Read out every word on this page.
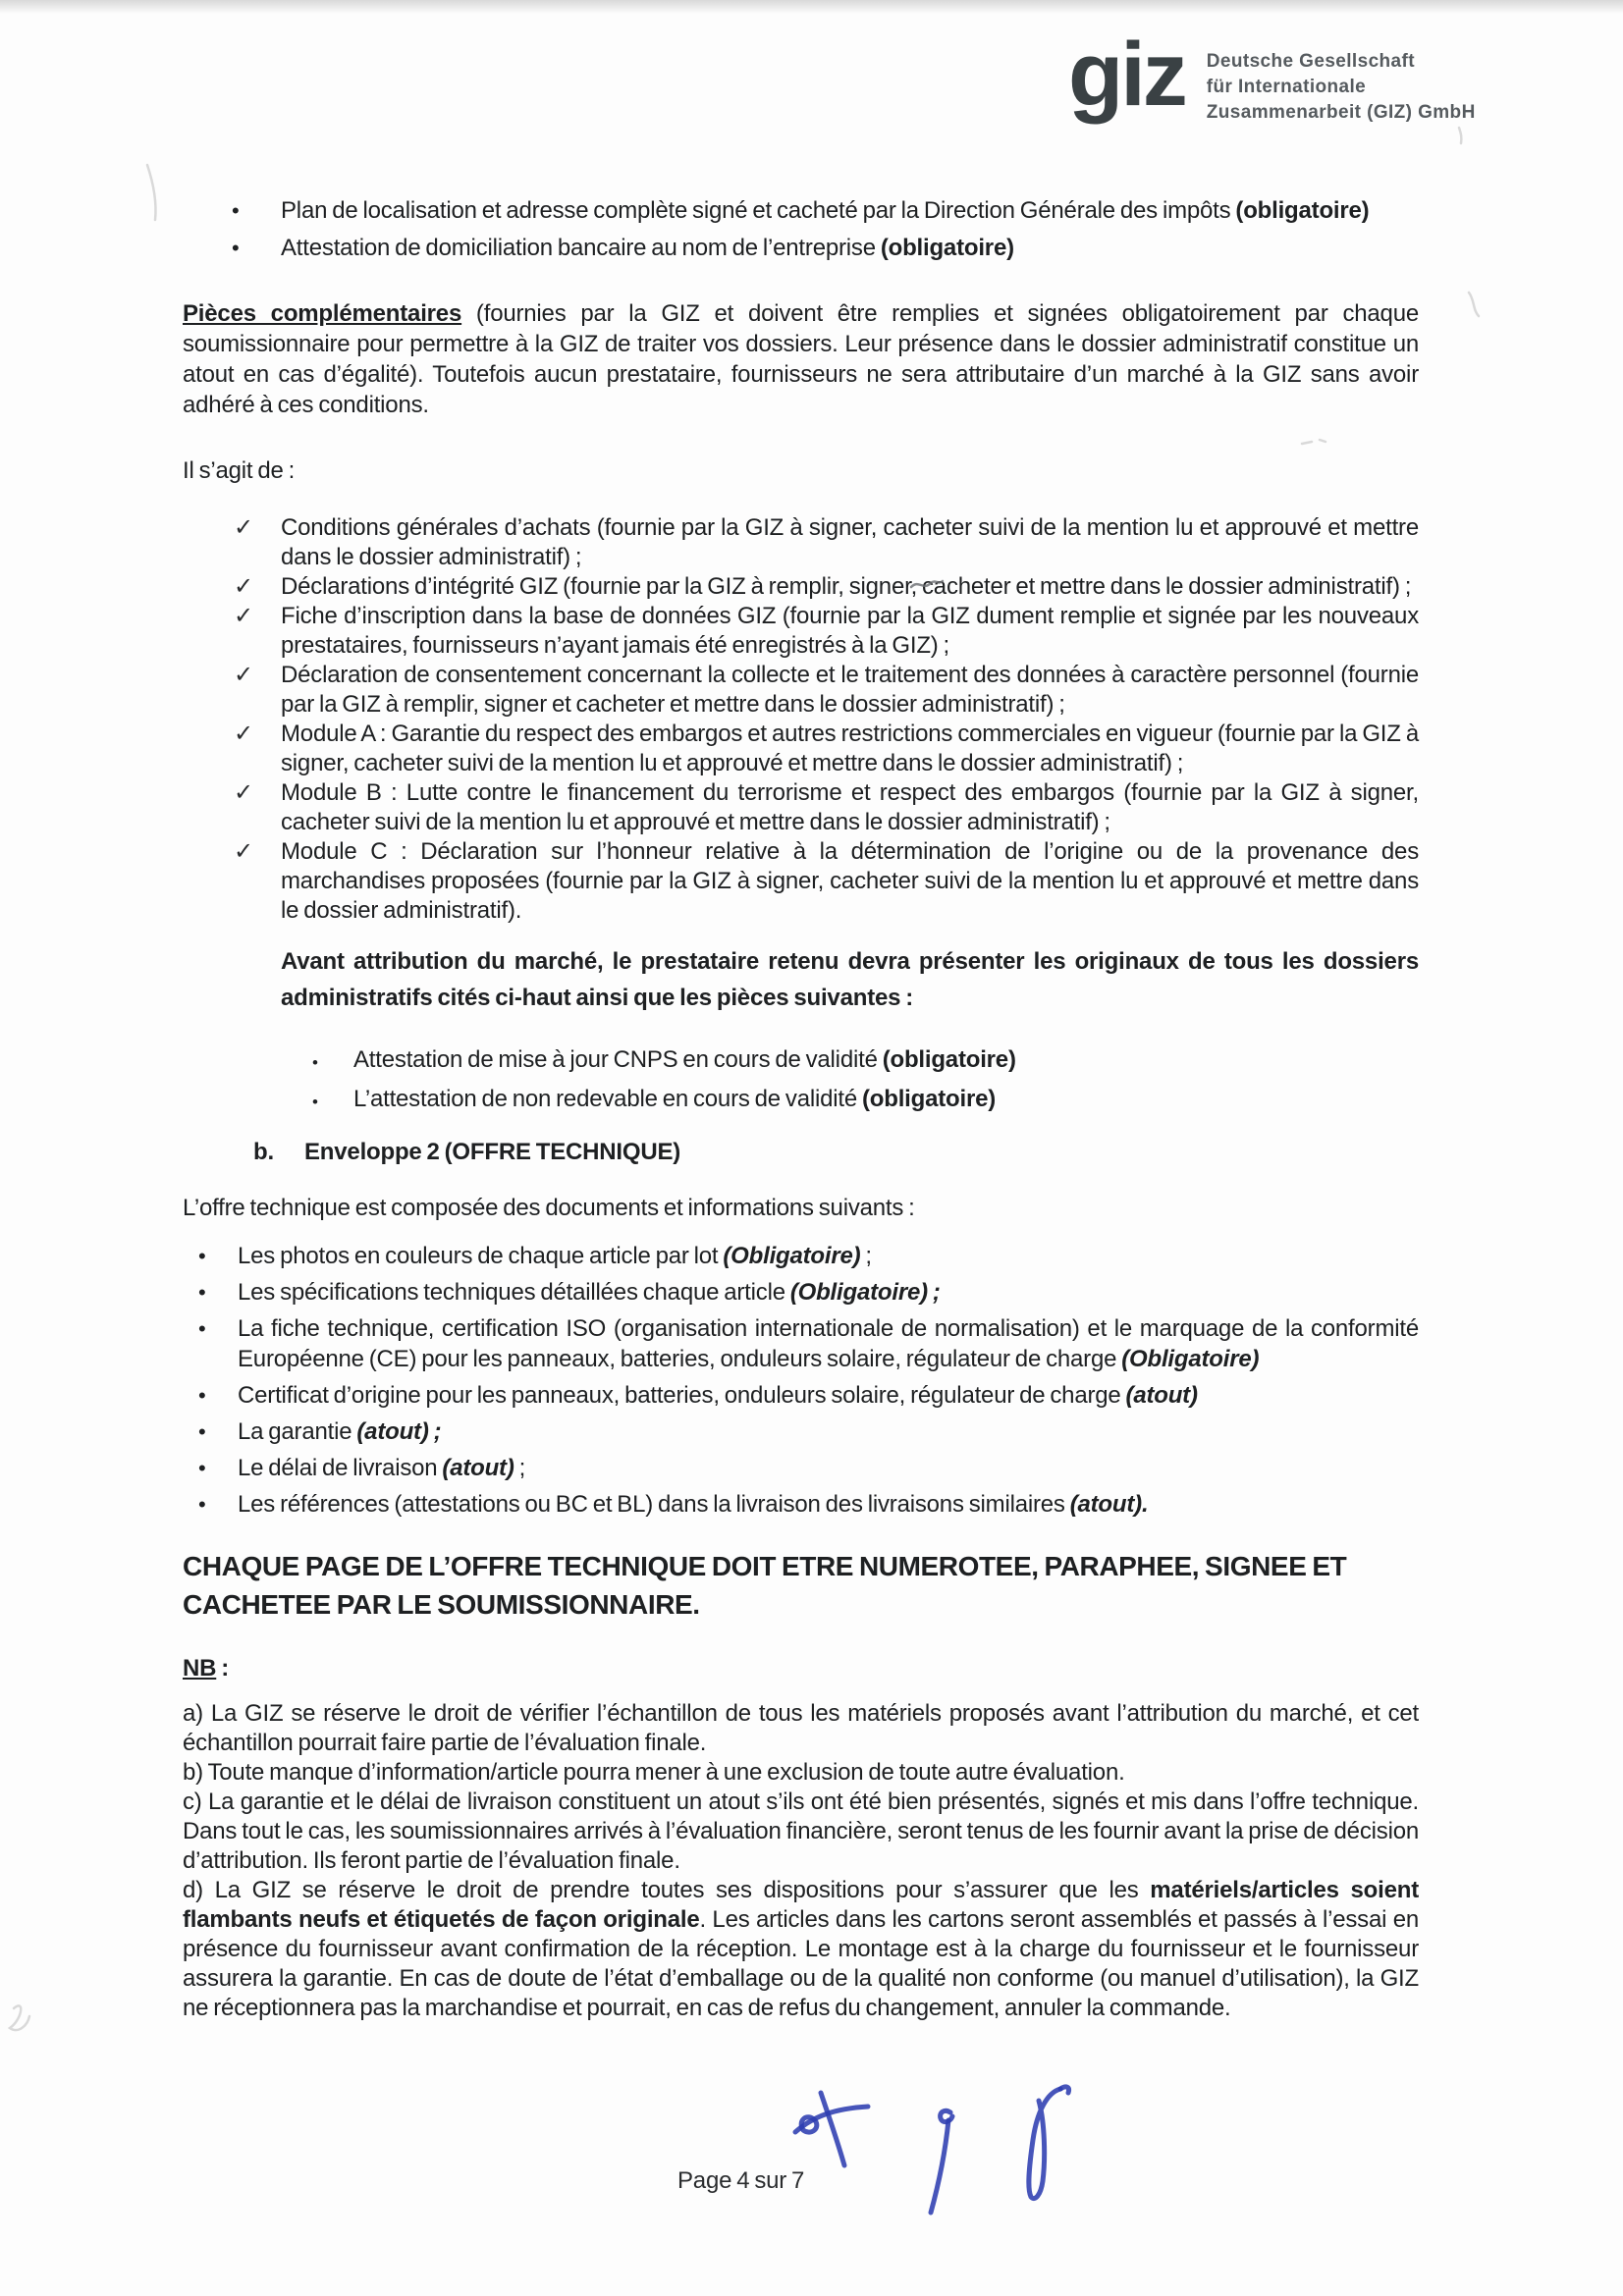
giz Deutsche Gesellschaft
für Internationale
Zusammenarbeit (GIZ) GmbH
•	Plan de localisation et adresse complète signé et cacheté par la Direction Générale des impôts (obligatoire)
•	Attestation de domiciliation bancaire au nom de l’entreprise (obligatoire)

Pièces complémentaires (fournies par la GIZ et doivent être remplies et signées obligatoirement par chaque soumissionnaire pour permettre à la GIZ de traiter vos dossiers. Leur présence dans le dossier administratif constitue un atout en cas d’égalité). Toutefois aucun prestataire, fournisseurs ne sera attributaire d’un marché à la GIZ sans avoir adhéré à ces conditions.

Il s’agit de :

✓	Conditions générales d’achats (fournie par la GIZ à signer, cacheter suivi de la mention lu et approuvé et mettre dans le dossier administratif) ;
✓	Déclarations d’intégrité GIZ (fournie par la GIZ à remplir, signer, cacheter et mettre dans le dossier administratif) ;
✓	Fiche d’inscription dans la base de données GIZ (fournie par la GIZ dument remplie et signée par les nouveaux prestataires, fournisseurs n’ayant jamais été enregistrés à la GIZ) ;
✓	Déclaration de consentement concernant la collecte et le traitement des données à caractère personnel (fournie par la GIZ à remplir, signer et cacheter et mettre dans le dossier administratif) ;
✓	Module A : Garantie du respect des embargos et autres restrictions commerciales en vigueur (fournie par la GIZ à signer, cacheter suivi de la mention lu et approuvé et mettre dans le dossier administratif) ;
✓	Module B : Lutte contre le financement du terrorisme et respect des embargos (fournie par la GIZ à signer, cacheter suivi de la mention lu et approuvé et mettre dans le dossier administratif) ;
✓	Module C : Déclaration sur l’honneur relative à la détermination de l’origine ou de la provenance des marchandises proposées (fournie par la GIZ à signer, cacheter suivi de la mention lu et approuvé et mettre dans le dossier administratif).

Avant attribution du marché, le prestataire retenu devra présenter les originaux de tous les dossiers administratifs cités ci-haut ainsi que les pièces suivantes :

•	Attestation de mise à jour CNPS en cours de validité (obligatoire)
•	L’attestation de non redevable en cours de validité (obligatoire)
b.	Enveloppe 2 (OFFRE TECHNIQUE)

L’offre technique est composée des documents et informations suivants :

•	Les photos en couleurs de chaque article par lot (Obligatoire) ;
•	Les spécifications techniques détaillées chaque article (Obligatoire) ;
•	La fiche technique, certification ISO (organisation internationale de normalisation) et le marquage de la conformité Européenne (CE) pour les panneaux, batteries, onduleurs solaire, régulateur de charge (Obligatoire)
•	Certificat d’origine pour les panneaux, batteries, onduleurs solaire, régulateur de charge (atout)
•	La garantie (atout) ;
•	Le délai de livraison (atout) ;
•	Les références (attestations ou BC et BL) dans la livraison des livraisons similaires (atout).

CHAQUE PAGE DE L’OFFRE TECHNIQUE DOIT ETRE NUMEROTEE, PARAPHEE, SIGNEE ET CACHETEE PAR LE SOUMISSIONNAIRE.

NB :

a) La GIZ se réserve le droit de vérifier l’échantillon de tous les matériels proposés avant l’attribution du marché, et cet échantillon pourrait faire partie de l’évaluation finale.

b) Toute manque d’information/article pourra mener à une exclusion de toute autre évaluation.

c) La garantie et le délai de livraison constituent un atout s’ils ont été bien présentés, signés et mis dans l’offre technique. Dans tout le cas, les soumissionnaires arrivés à l’évaluation financière, seront tenus de les fournir avant la prise de décision d’attribution. Ils feront partie de l’évaluation finale.

d) La GIZ se réserve le droit de prendre toutes ses dispositions pour s’assurer que les matériels/articles soient flambants neufs et étiquetés de façon originale. Les articles dans les cartons seront assemblés et passés à l’essai en présence du fournisseur avant confirmation de la réception. Le montage est à la charge du fournisseur et le fournisseur assurera la garantie. En cas de doute de l’état d’emballage ou de la qualité non conforme (ou manuel d’utilisation), la GIZ ne réceptionnera pas la marchandise et pourrait, en cas de refus du changement, annuler la commande.

Page 4 sur 7
